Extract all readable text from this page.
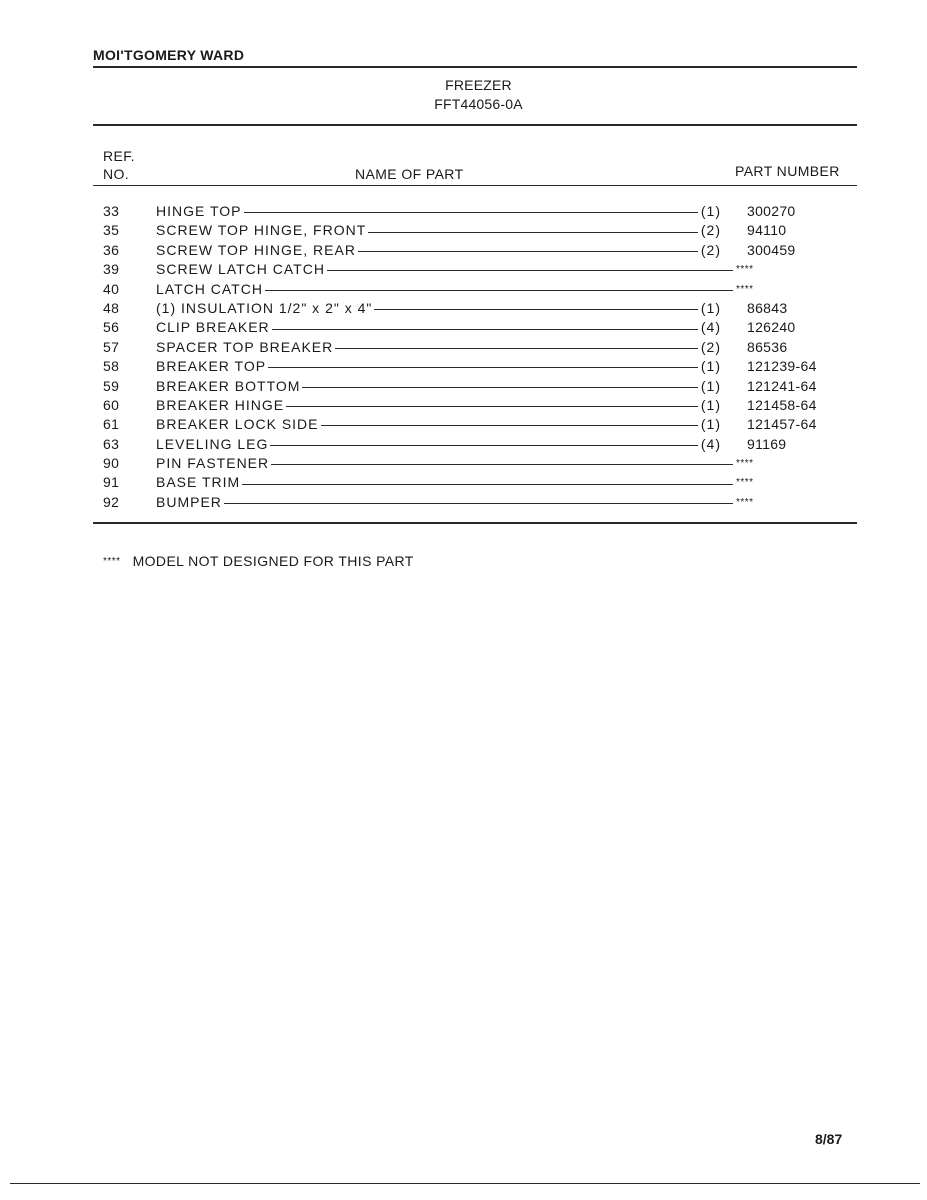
MOI'TGOMERY WARD
FREEZER
FFT44056-0A
REF.
NO.	NAME OF PART	PART NUMBER
33	HINGE TOP	(1) 300270
35	SCREW TOP HINGE, FRONT	(2) 94110
36	SCREW TOP HINGE, REAR	(2) 300459
39	SCREW LATCH CATCH	****
40	LATCH CATCH	****
48	(1) INSULATION 1/2" x 2" x 4"	(1) 86843
56	CLIP BREAKER	(4) 126240
57	SPACER TOP BREAKER	(2) 86536
58	BREAKER TOP	(1) 121239-64
59	BREAKER BOTTOM	(1) 121241-64
60	BREAKER HINGE	(1) 121458-64
61	BREAKER LOCK SIDE	(1) 121457-64
63	LEVELING LEG	(4) 91169
90	PIN FASTENER	****
91	BASE TRIM	****
92	BUMPER	****
**** MODEL NOT DESIGNED FOR THIS PART
8/87
